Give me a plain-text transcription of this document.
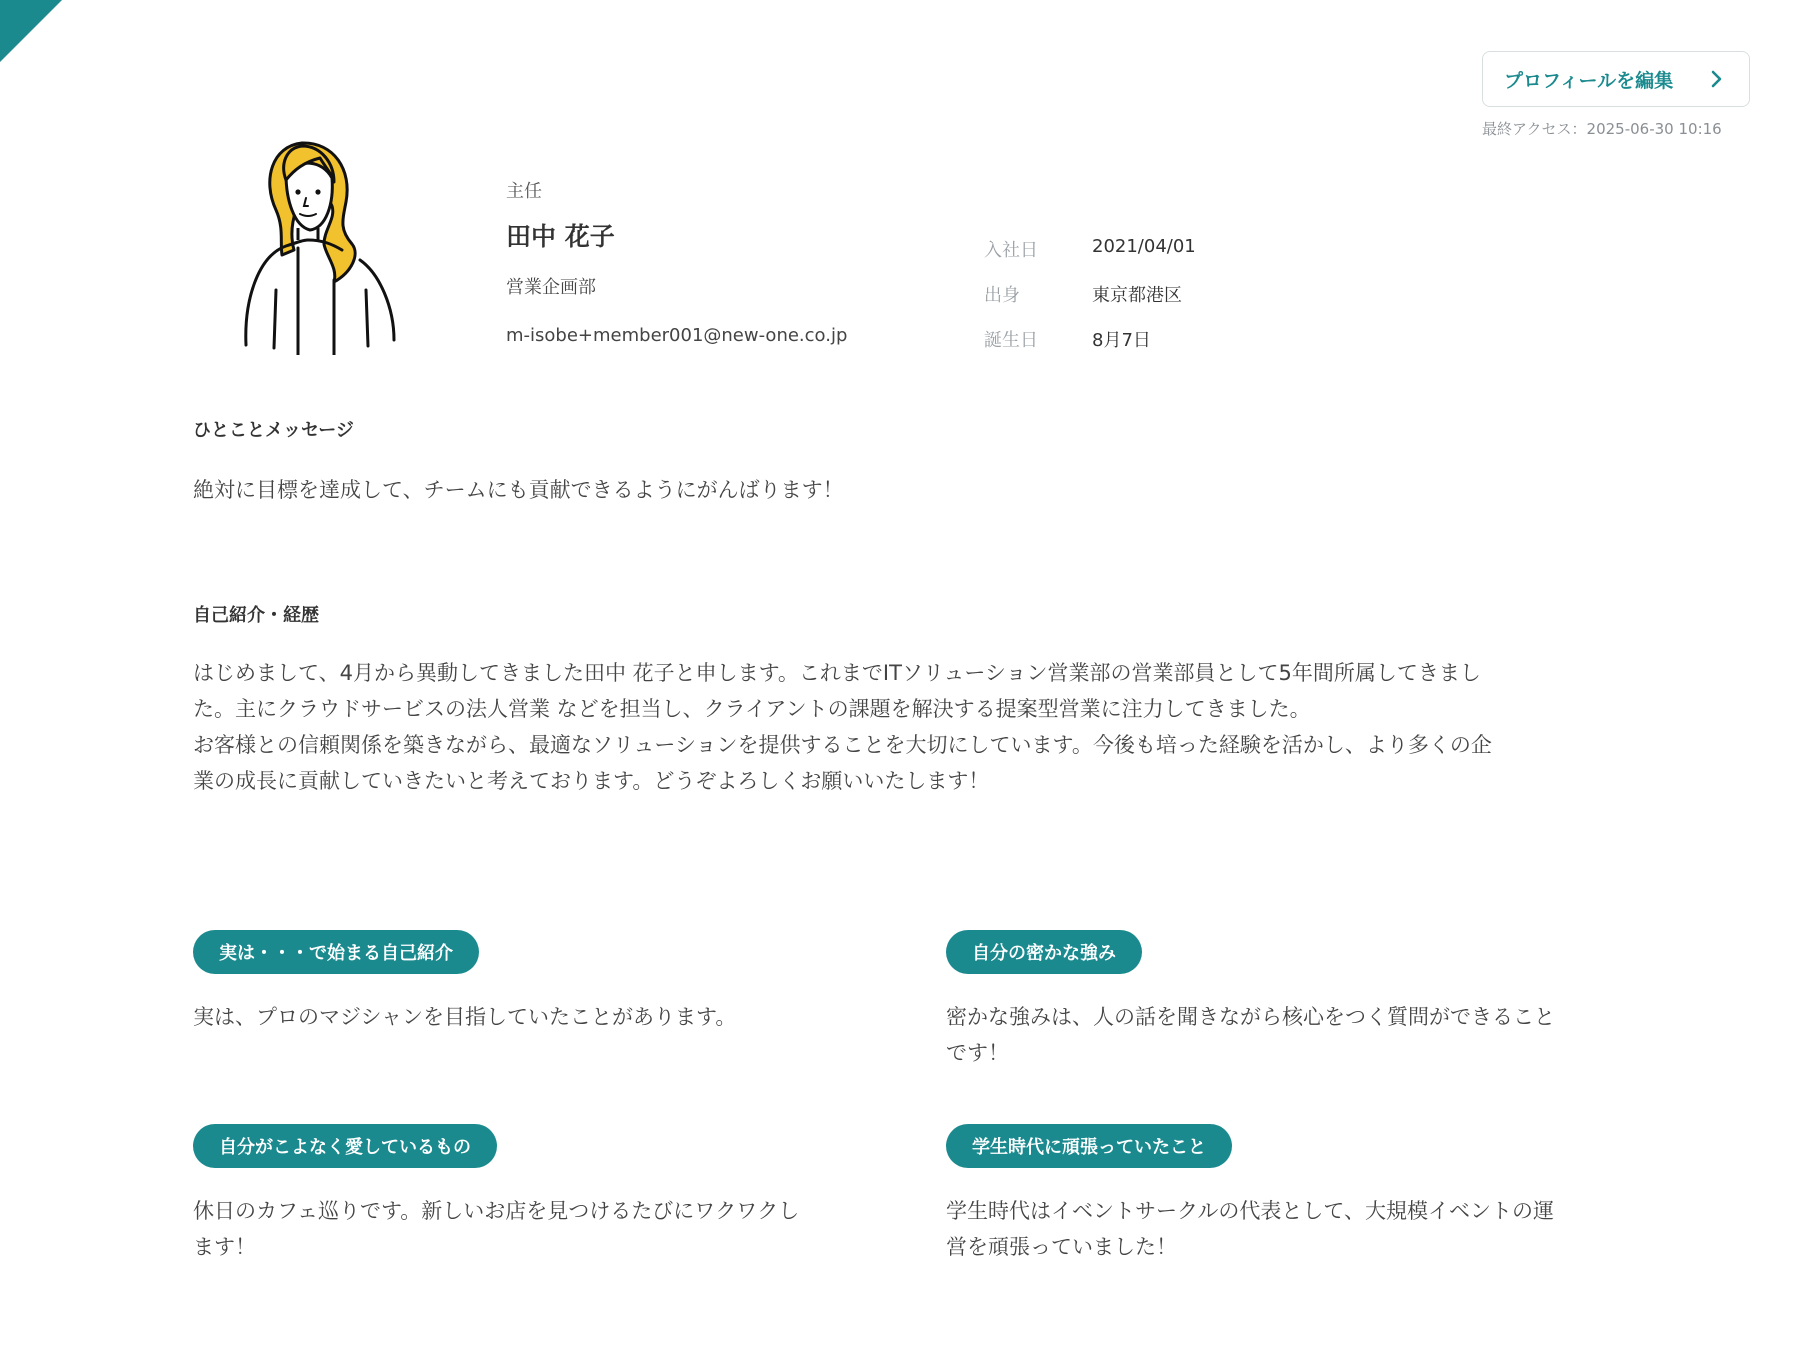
プロフィールを編集
最終アクセス：2025-06-30 10:16
主任
田中 花子
営業企画部
m-isobe+member001@new-one.co.jp
入社日	2021/04/01
出身	東京都港区
誕生日	8月7日
ひとことメッセージ
絶対に目標を達成して、チームにも貢献できるようにがんばります！
自己紹介・経歴
はじめまして、4月から異動してきました田中 花子と申します。これまでITソリューション営業部の営業部員として5年間所属してきまし
た。主にクラウドサービスの法人営業 などを担当し、クライアントの課題を解決する提案型営業に注力してきました。
お客様との信頼関係を築きながら、最適なソリューションを提供することを大切にしています。今後も培った経験を活かし、より多くの企
業の成長に貢献していきたいと考えております。どうぞよろしくお願いいたします！
実は・・・で始まる自己紹介
実は、プロのマジシャンを目指していたことがあります。
自分の密かな強み
密かな強みは、人の話を聞きながら核心をつく質問ができること
です！
自分がこよなく愛しているもの
休日のカフェ巡りです。新しいお店を見つけるたびにワクワクし
ます！
学生時代に頑張っていたこと
学生時代はイベントサークルの代表として、大規模イベントの運
営を頑張っていました！
